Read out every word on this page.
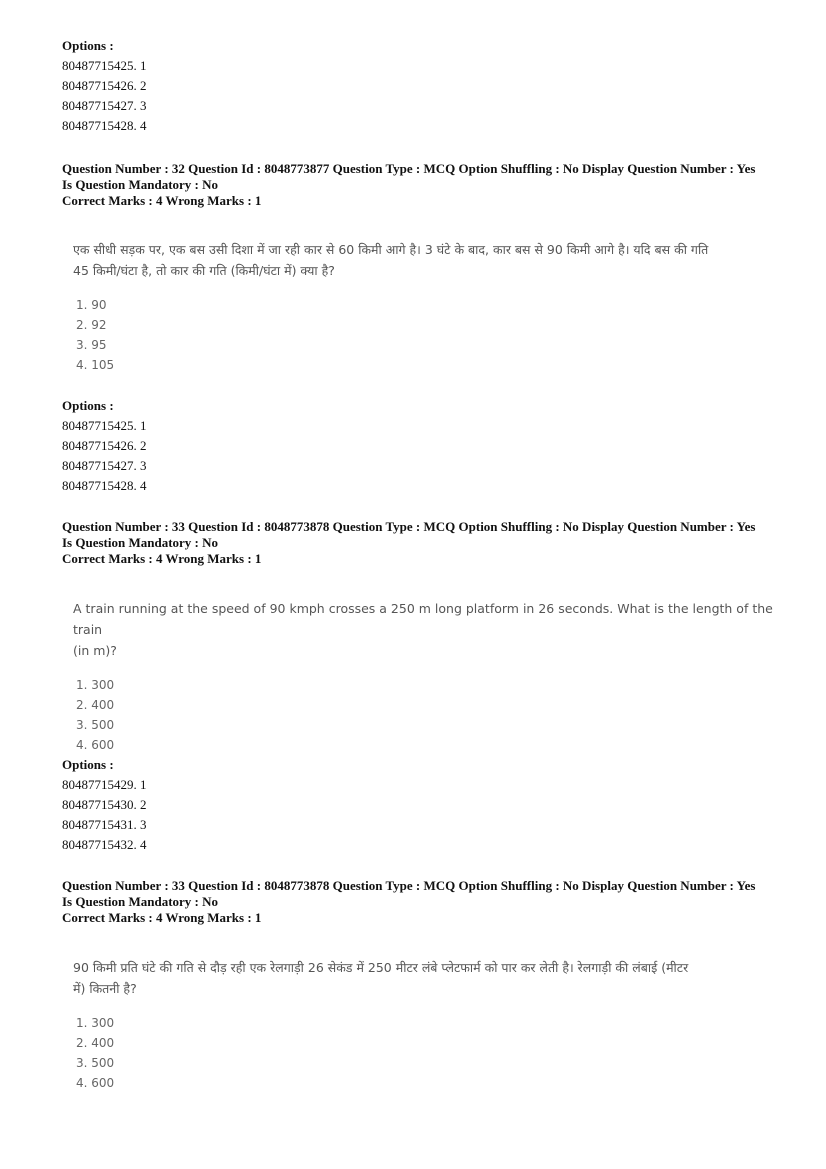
Options :
80487715425. 1
80487715426. 2
80487715427. 3
80487715428. 4
Question Number : 32 Question Id : 8048773877 Question Type : MCQ Option Shuffling : No Display Question Number : Yes
Is Question Mandatory : No
Correct Marks : 4 Wrong Marks : 1
एक सीधी सड़क पर, एक बस उसी दिशा में जा रही कार से 60 किमी आगे है। 3 घंटे के बाद, कार बस से 90 किमी आगे है। यदि बस की गति
45 किमी/घंटा है, तो कार की गति (किमी/घंटा में) क्या है?
1. 90
2. 92
3. 95
4. 105
Options :
80487715425. 1
80487715426. 2
80487715427. 3
80487715428. 4
Question Number : 33 Question Id : 8048773878 Question Type : MCQ Option Shuffling : No Display Question Number : Yes
Is Question Mandatory : No
Correct Marks : 4 Wrong Marks : 1
A train running at the speed of 90 kmph crosses a 250 m long platform in 26 seconds. What is the length of the train
(in m)?
1. 300
2. 400
3. 500
4. 600
Options :
80487715429. 1
80487715430. 2
80487715431. 3
80487715432. 4
Question Number : 33 Question Id : 8048773878 Question Type : MCQ Option Shuffling : No Display Question Number : Yes
Is Question Mandatory : No
Correct Marks : 4 Wrong Marks : 1
90 किमी प्रति घंटे की गति से दौड़ रही एक रेलगाड़ी 26 सेकंड में 250 मीटर लंबे प्लेटफार्म को पार कर लेती है। रेलगाड़ी की लंबाई (मीटर
में) कितनी है?
1. 300
2. 400
3. 500
4. 600
